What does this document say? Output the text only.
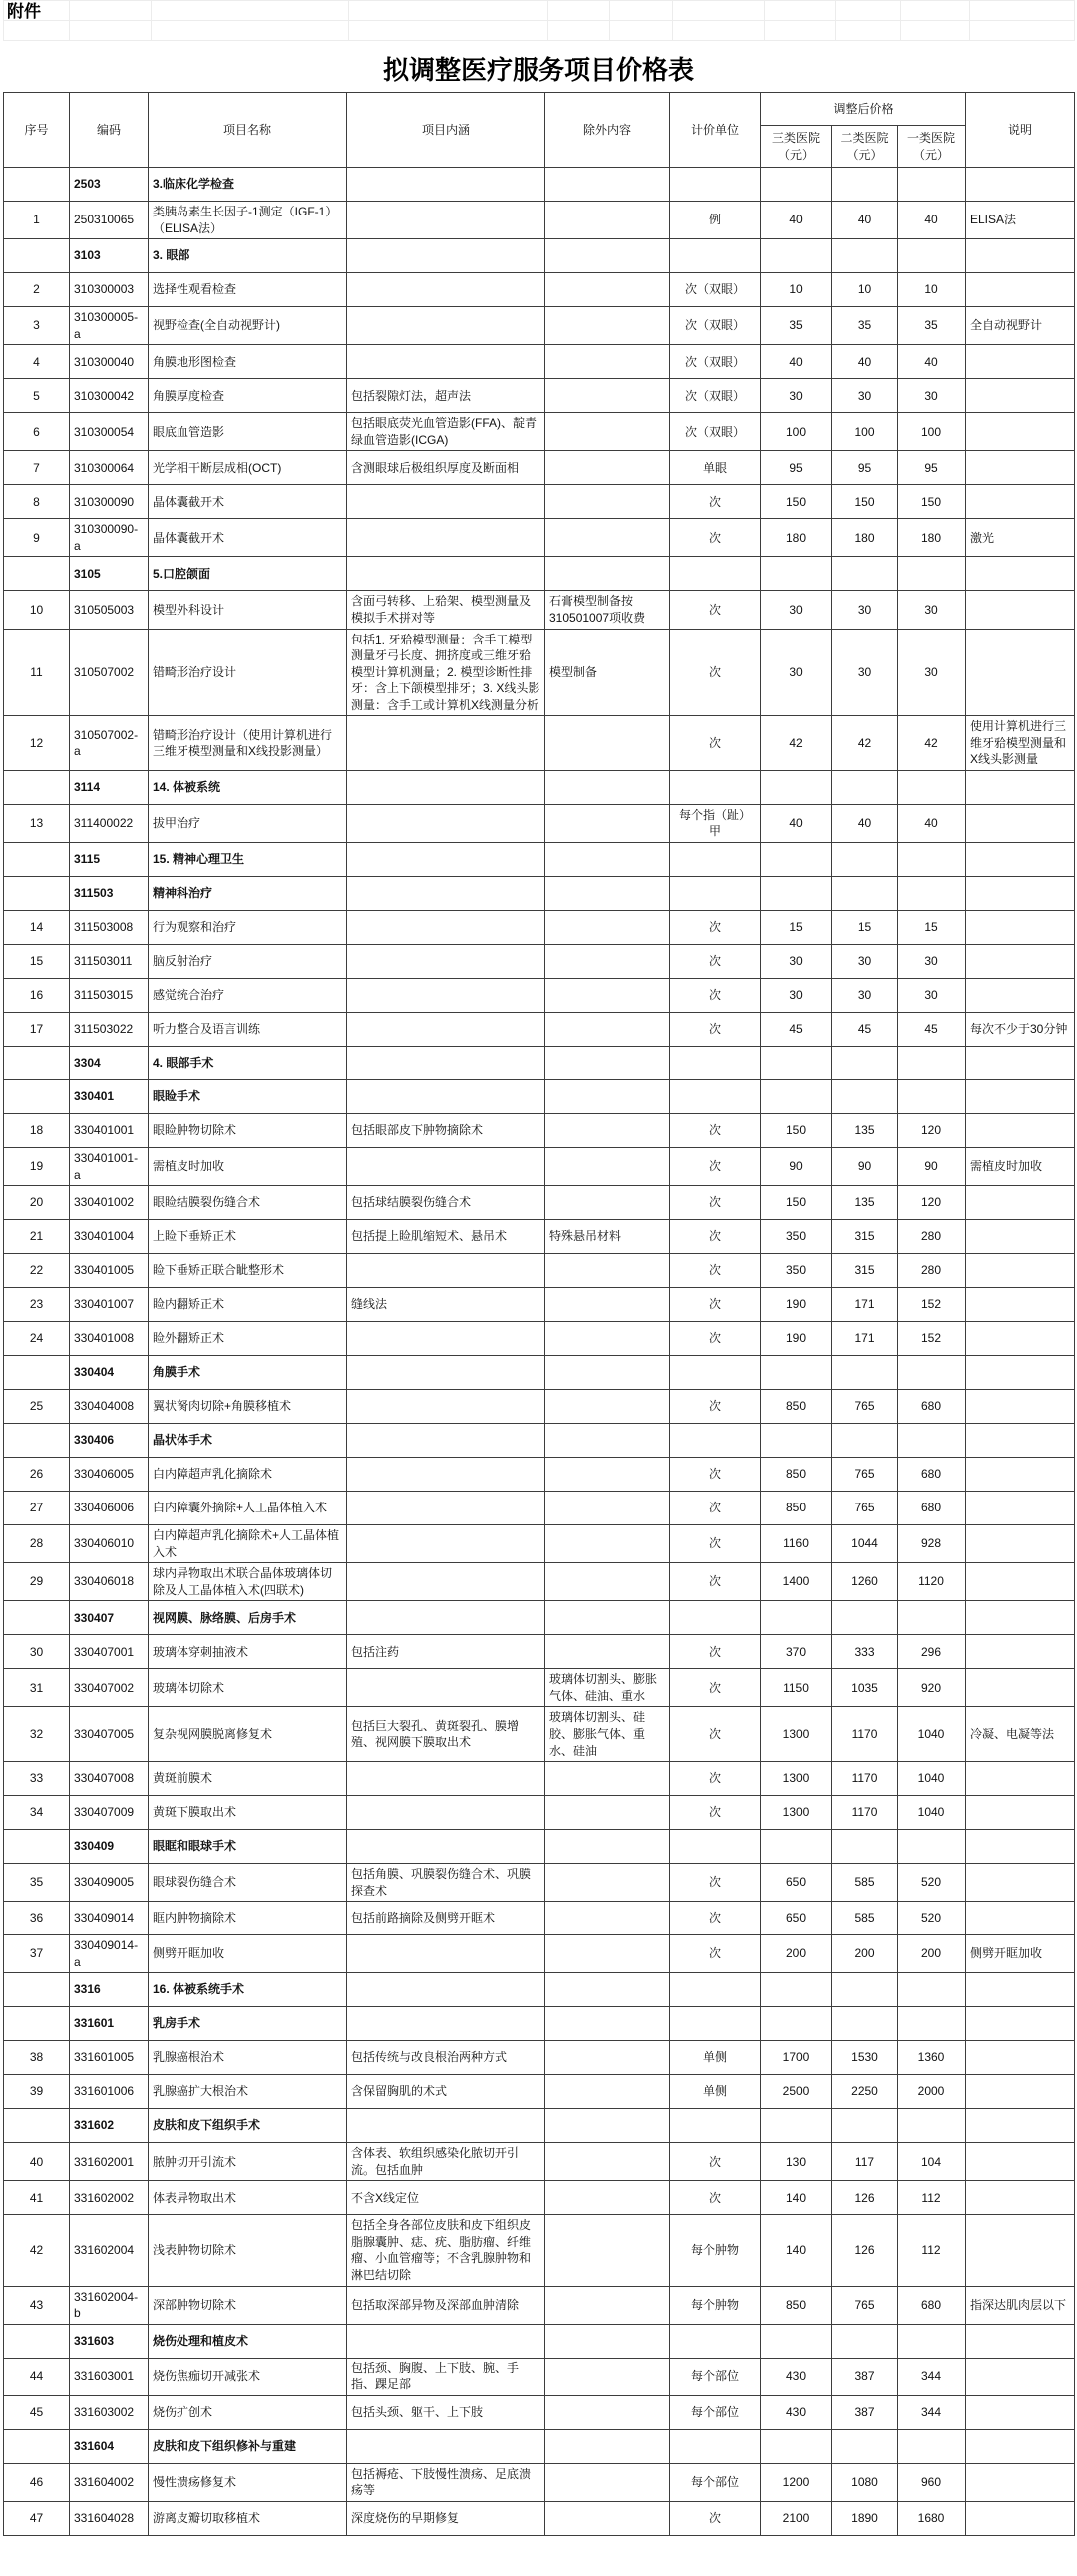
附件										

拟调整医疗服务项目价格表
序号	编码	项目名称	项目内涵	除外内容	计价单位	调整后价格			说明
						三类医院（元）	二类医院（元）	一类医院（元）	
	2503	3.临床化学检查							
1	250310065	类胰岛素生长因子-1测定（IGF-1）（ELISA法）			例	40	40	40	ELISA法
	3103	3. 眼部							
2	310300003	选择性观看检查			次（双眼）	10	10	10	
3	310300005-a	视野检查(全自动视野计)			次（双眼）	35	35	35	全自动视野计
4	310300040	角膜地形图检查			次（双眼）	40	40	40	
5	310300042	角膜厚度检查	包括裂隙灯法，超声法		次（双眼）	30	30	30	
6	310300054	眼底血管造影	包括眼底荧光血管造影(FFA)、靛青绿血管造影(ICGA)		次（双眼）	100	100	100	
7	310300064	光学相干断层成相(OCT)	含测眼球后极组织厚度及断面相		单眼	95	95	95	
8	310300090	晶体囊截开术			次	150	150	150	
9	310300090-a	晶体囊截开术			次	180	180	180	激光
	3105	5.口腔颌面							
10	310505003	模型外科设计	含面弓转移、上𬌗架、模型测量及模拟手术拼对等	石膏模型制备按310501007项收费	次	30	30	30	
11	310507002	错畸形治疗设计	包括1. 牙𬌗模型测量：含手工模型测量牙弓长度、拥挤度或三维牙𬌗模型计算机测量；2. 模型诊断性排牙：含上下颌模型排牙；3. X线头影测量：含手工或计算机X线测量分析	模型制备	次	30	30	30	
12	310507002-a	错畸形治疗设计（使用计算机进行三维牙模型测量和X线投影测量）			次	42	42	42	使用计算机进行三维牙𬌗模型测量和X线头影测量
	3114	14. 体被系统							
13	311400022	拔甲治疗			每个指（趾）甲	40	40	40	
	3115	15. 精神心理卫生							
	311503	精神科治疗							
14	311503008	行为观察和治疗			次	15	15	15	
15	311503011	脑反射治疗			次	30	30	30	
16	311503015	感觉统合治疗			次	30	30	30	
17	311503022	听力整合及语言训练			次	45	45	45	每次不少于30分钟
	3304	4. 眼部手术							
	330401	眼睑手术							
18	330401001	眼睑肿物切除术	包括眼部皮下肿物摘除术		次	150	135	120	
19	330401001-a	需植皮时加收			次	90	90	90	需植皮时加收
20	330401002	眼睑结膜裂伤缝合术	包括球结膜裂伤缝合术		次	150	135	120	
21	330401004	上睑下垂矫正术	包括提上睑肌缩短术、悬吊术	特殊悬吊材料	次	350	315	280	
22	330401005	睑下垂矫正联合眦整形术			次	350	315	280	
23	330401007	睑内翻矫正术	缝线法		次	190	171	152	
24	330401008	睑外翻矫正术			次	190	171	152	
	330404	角膜手术							
25	330404008	翼状胬肉切除+角膜移植术			次	850	765	680	
	330406	晶状体手术							
26	330406005	白内障超声乳化摘除术			次	850	765	680	
27	330406006	白内障囊外摘除+人工晶体植入术			次	850	765	680	
28	330406010	白内障超声乳化摘除术+人工晶体植入术			次	1160	1044	928	
29	330406018	球内异物取出术联合晶体玻璃体切除及人工晶体植入术(四联术)			次	1400	1260	1120	
	330407	视网膜、脉络膜、后房手术							
30	330407001	玻璃体穿刺抽液术	包括注药		次	370	333	296	
31	330407002	玻璃体切除术		玻璃体切割头、膨胀气体、硅油、重水	次	1150	1035	920	
32	330407005	复杂视网膜脱离修复术	包括巨大裂孔、黄斑裂孔、膜增殖、视网膜下膜取出术	玻璃体切割头、硅胶、膨胀气体、重水、硅油	次	1300	1170	1040	冷凝、电凝等法
33	330407008	黄斑前膜术			次	1300	1170	1040	
34	330407009	黄斑下膜取出术			次	1300	1170	1040	
	330409	眼眶和眼球手术							
35	330409005	眼球裂伤缝合术	包括角膜、巩膜裂伤缝合术、巩膜探查术		次	650	585	520	
36	330409014	眶内肿物摘除术	包括前路摘除及侧劈开眶术		次	650	585	520	
37	330409014-a	侧劈开眶加收			次	200	200	200	侧劈开眶加收
	3316	16. 体被系统手术							
	331601	乳房手术							
38	331601005	乳腺癌根治术	包括传统与改良根治两种方式		单侧	1700	1530	1360	
39	331601006	乳腺癌扩大根治术	含保留胸肌的术式		单侧	2500	2250	2000	
	331602	皮肤和皮下组织手术							
40	331602001	脓肿切开引流术	含体表、软组织感染化脓切开引流。包括血肿		次	130	117	104	
41	331602002	体表异物取出术	不含X线定位		次	140	126	112	
42	331602004	浅表肿物切除术	包括全身各部位皮肤和皮下组织皮脂腺囊肿、痣、疣、脂肪瘤、纤维瘤、小血管瘤等；不含乳腺肿物和淋巴结切除		每个肿物	140	126	112	
43	331602004-b	深部肿物切除术	包括取深部异物及深部血肿清除		每个肿物	850	765	680	指深达肌肉层以下
	331603	烧伤处理和植皮术							
44	331603001	烧伤焦痂切开减张术	包括颈、胸腹、上下肢、腕、手指、踝足部		每个部位	430	387	344	
45	331603002	烧伤扩创术	包括头颈、躯干、上下肢		每个部位	430	387	344	
	331604	皮肤和皮下组织修补与重建							
46	331604002	慢性溃疡修复术	包括褥疮、下肢慢性溃疡、足底溃疡等		每个部位	1200	1080	960	
47	331604028	游离皮瓣切取移植术	深度烧伤的早期修复		次	2100	1890	1680	
